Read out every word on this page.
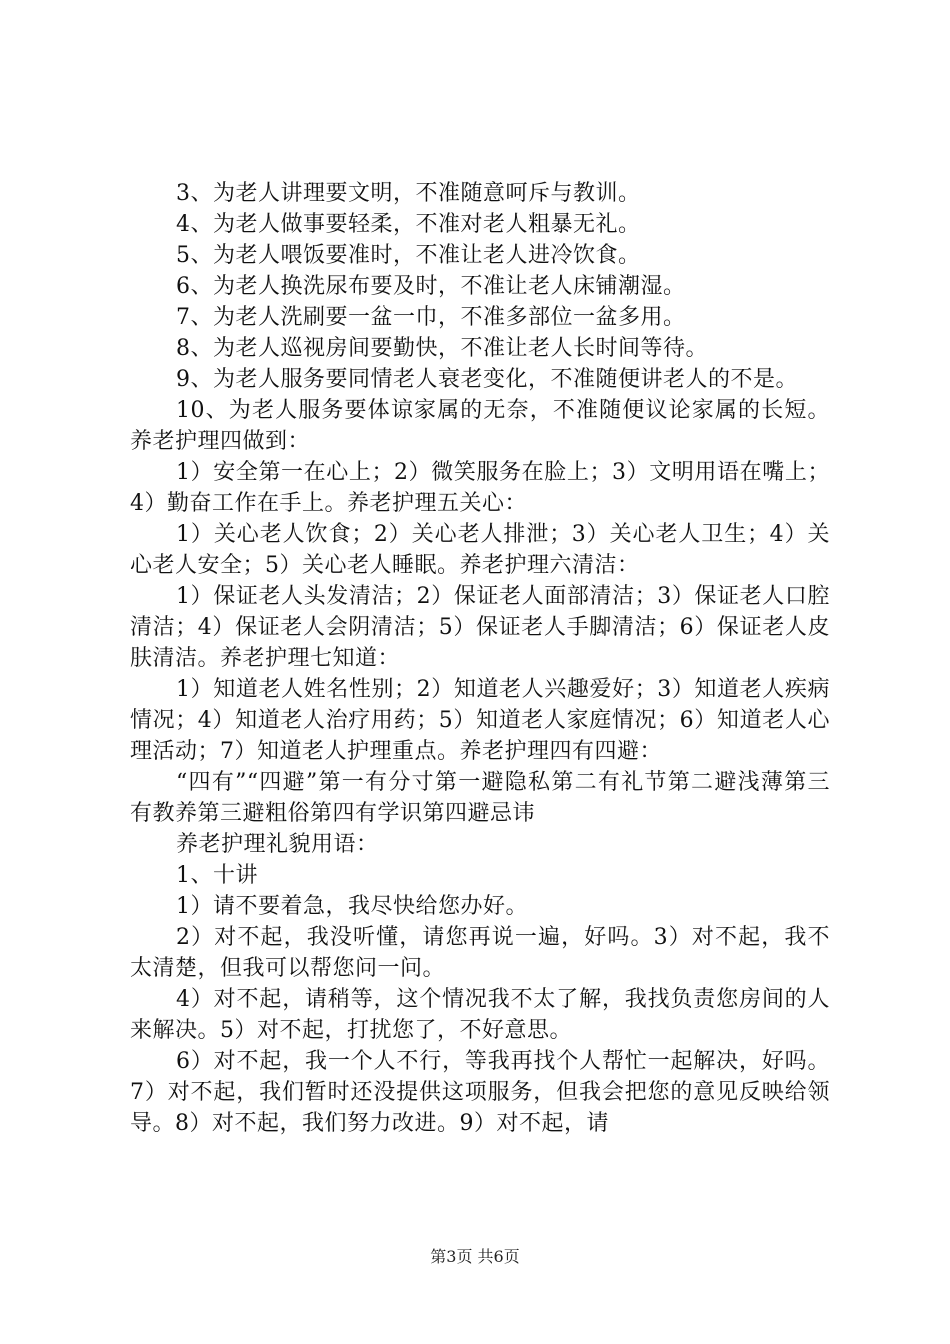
3、为老人讲理要文明，不准随意呵斥与教训。

4、为老人做事要轻柔，不准对老人粗暴无礼。

5、为老人喂饭要准时，不准让老人进冷饮食。

6、为老人换洗尿布要及时，不准让老人床铺潮湿。

7、为老人洗刷要一盆一巾，不准多部位一盆多用。

8、为老人巡视房间要勤快，不准让老人长时间等待。

9、为老人服务要同情老人衰老变化，不准随便讲老人的不是。

10、为老人服务要体谅家属的无奈，不准随便议论家属的长短。养老护理四做到：

1）安全第一在心上；2）微笑服务在脸上；3）文明用语在嘴上；4）勤奋工作在手上。养老护理五关心：

1）关心老人饮食；2）关心老人排泄；3）关心老人卫生；4）关心老人安全；5）关心老人睡眠。养老护理六清洁：

1）保证老人头发清洁；2）保证老人面部清洁；3）保证老人口腔清洁；4）保证老人会阴清洁；5）保证老人手脚清洁；6）保证老人皮肤清洁。养老护理七知道：

1）知道老人姓名性别；2）知道老人兴趣爱好；3）知道老人疾病情况；4）知道老人治疗用药；5）知道老人家庭情况；6）知道老人心理活动；7）知道老人护理重点。养老护理四有四避：

“四有”“四避”第一有分寸第一避隐私第二有礼节第二避浅薄第三有教养第三避粗俗第四有学识第四避忌讳

养老护理礼貌用语：

1、十讲

1）请不要着急，我尽快给您办好。

2）对不起，我没听懂，请您再说一遍，好吗。3）对不起，我不太清楚，但我可以帮您问一问。

4）对不起，请稍等，这个情况我不太了解，我找负责您房间的人来解决。5）对不起，打扰您了，不好意思。

6）对不起，我一个人不行，等我再找个人帮忙一起解决，好吗。7）对不起，我们暂时还没提供这项服务，但我会把您的意见反映给领导。8）对不起，我们努力改进。9）对不起，请

第3页 共6页
